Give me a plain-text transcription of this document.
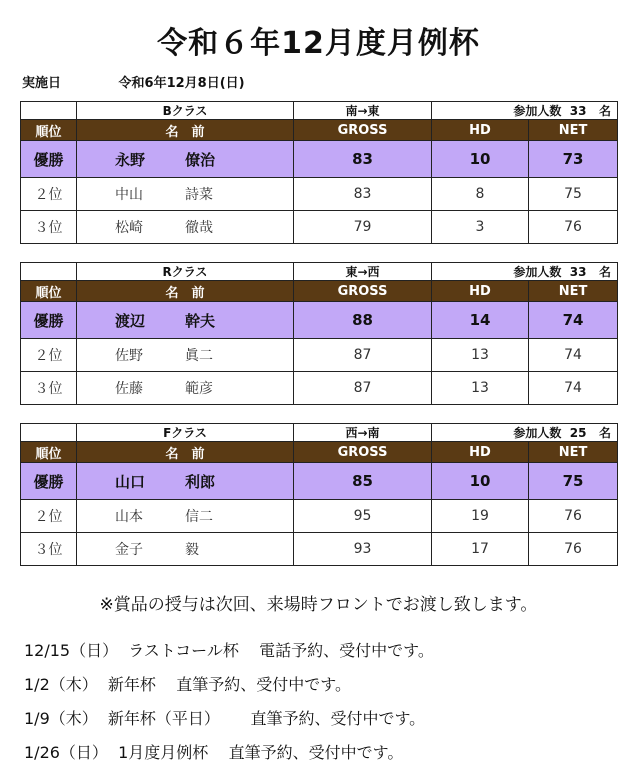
令和６年12月度月例杯
実施日	令和6年12月8日(日)
	Bクラス	南→東	参加人数 33 名	

順位	名　前	GROSS	HD	NET
優勝	永野 僚治	83	10	73
２位	中山 詩菜	83	8	75
３位	松崎 徹哉	79	3	76
	Rクラス	東→西	参加人数 33 名	

順位	名　前	GROSS	HD	NET
優勝	渡辺 幹夫	88	14	74
２位	佐野 眞二	87	13	74
３位	佐藤 範彦	87	13	74
	Fクラス	西→南	参加人数 25 名	

順位	名　前	GROSS	HD	NET
優勝	山口 利郎	85	10	75
２位	山本 信二	95	19	76
３位	金子 毅	93	17	76
※賞品の授与は次回、来場時フロントでお渡し致します。
12/15（日）  ラストコール杯    電話予約、受付中です。
1/2（木）  新年杯    直筆予約、受付中です。
1/9（木）  新年杯（平日）      直筆予約、受付中です。
1/26（日）  1月度月例杯    直筆予約、受付中です。
